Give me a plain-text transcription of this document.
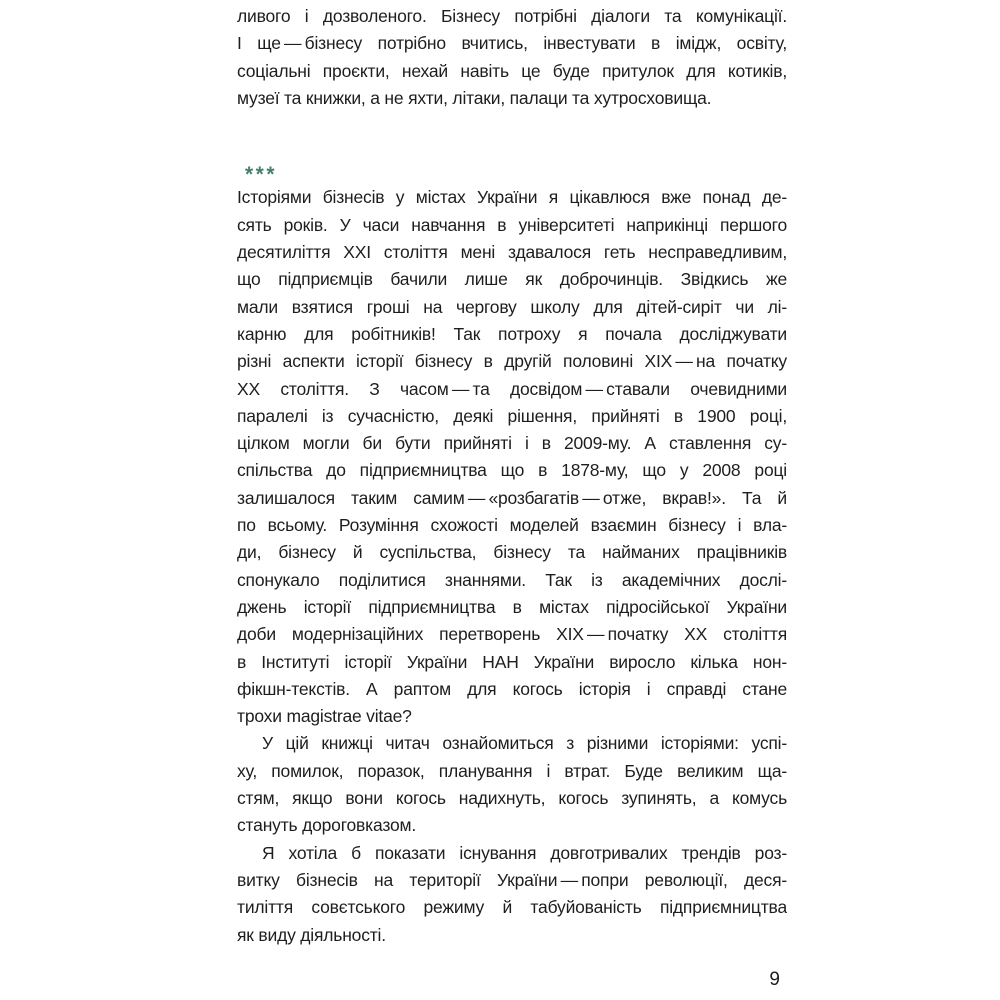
ливого і дозволеного. Бізнесу потрібні діалоги та комунікації.
І ще — бізнесу потрібно вчитись, інвестувати в імідж, освіту,
соціальні проєкти, нехай навіть це буде притулок для котиків,
музеї та книжки, а не яхти, літаки, палаци та хутросховища.
***
Історіями бізнесів у містах України я цікавлюся вже понад де-
сять років. У часи навчання в університеті наприкінці першого
десятиліття XXI століття мені здавалося геть несправедливим,
що підприємців бачили лише як доброчинців. Звідкись же
мали взятися гроші на чергову школу для дітей-сиріт чи лі-
карню для робітників! Так потроху я почала досліджувати
різні аспекти історії бізнесу в другій половині XIX — на початку
XX століття. З часом — та досвідом — ставали очевидними
паралелі із сучасністю, деякі рішення, прийняті в 1900 році,
цілком могли би бути прийняті і в 2009-му. А ставлення су-
спільства до підприємництва що в 1878-му, що у 2008 році
залишалося таким самим — «розбагатів — отже, вкрав!». Та й
по всьому. Розуміння схожості моделей взаємин бізнесу і вла-
ди, бізнесу й суспільства, бізнесу та найманих працівників
спонукало поділитися знаннями. Так із академічних дослі-
джень історії підприємництва в містах підросійської України
доби модернізаційних перетворень XIX — початку XX століття
в Інституті історії України НАН України виросло кілька нон-
фікшн-текстів. А раптом для когось історія і справді стане
трохи magistrae vitae?
У цій книжці читач ознайомиться з різними історіями: успі-
ху, помилок, поразок, планування і втрат. Буде великим ща-
стям, якщо вони когось надихнуть, когось зупинять, а комусь
стануть дороговказом.
Я хотіла б показати існування довготривалих трендів роз-
витку бізнесів на території України — попри революції, деся-
тиліття совєтського режиму й табуйованість підприємництва
як виду діяльності.
9
